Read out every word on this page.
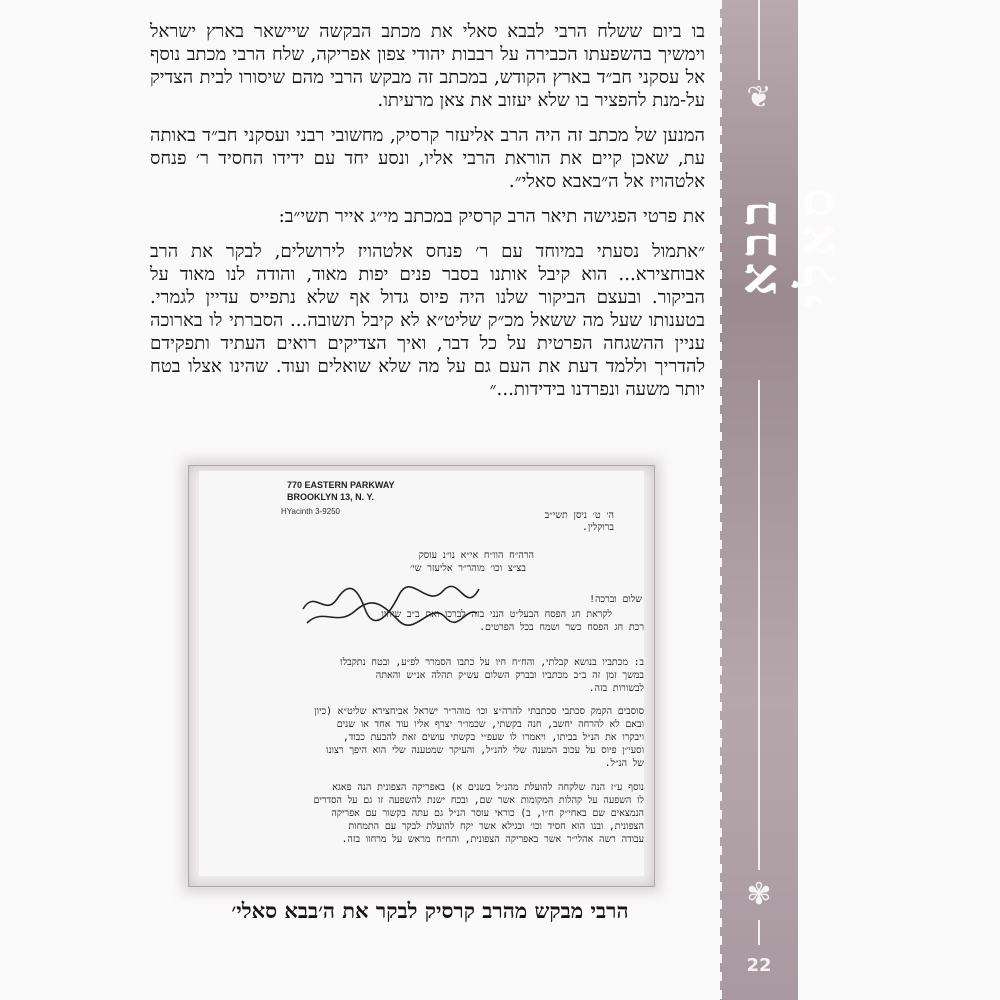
בו ביום ששלח הרבי לבבא סאלי את מכתב הבקשה שיישאר בארץ ישראל וימשיך בהשפעתו הכבירה על רבבות יהודי צפון אפריקה, שלח הרבי מכתב נוסף אל עסקני חב״ד בארץ הקודש, במכתב זה מבקש הרבי מהם שיסורו לבית הצדיק על-מנת להפציר בו שלא יעזוב את צאן מרעיתו.

המנען של מכתב זה היה הרב אליעזר קרסיק, מחשובי רבני ועסקני חב״ד באותה עת, שאכן קיים את הוראת הרבי אליו, ונסע יחד עם ידידו החסיד ר׳ פנחס אלטהויז אל ה״באבא סאלי״.

את פרטי הפגישה תיאר הרב קרסיק במכתב מי״ג אייר תשי״ב:

״אתמול נסעתי במיוחד עם ר׳ פנחס אלטהויז לירושלים, לבקר את הרב אבוחצירא... הוא קיבל אותנו בסבר פנים יפות מאוד, והודה לנו מאוד על הביקור. ובעצם הביקור שלנו היה פיוס גדול אף שלא נתפייס עדיין לגמרי. בטענותו שעל מה ששאל מכ״ק שליט״א לא קיבל תשובה... הסברתי לו בארוכה עניין ההשגחה הפרטית על כל דבר, ואיך הצדיקים רואים העתיד ותפקידם להדריך וללמד דעת את העם גם על מה שלא שואלים ועוד. שהינו אצלו בטח יותר משעה ונפרדנו בידידות...״

770 EASTERN PARKWAY
BROOKLYN 13, N. Y.
HYacinth 3-9250	ה׳ ט׳ ניסן תשי״ב
ברוקלין.
הרה״ח הוו״ח אי״א נו״נ עוסק
בצ״צ וכו׳ מוהר״ר אליעזר שי׳
שלום וברכה!
לקראת חג הפסח הבעל״ט הנני בזה לברכו ואת ב״ב שיחיו
רכת חג הפסח כשר ושמח בכל הפרטים.
ב: מכתביו בנושא קבלתי, והח״ח חיו על כתבו הסמרר לפ״ע, ובטח נתקבלו
במשך זמן זה ב״ב מכתביו ובברק השלום עש״ק תהלה אנ״ש והאתה
לבשורות בזה.
סוסבים הקמק סכתבי סכתבתי להרה״צ וכו׳ מוהר״ר ישראל אביחצירא שליט״א (כיון
ובאם לא להרחה יחשב, חנה בקשתי, שכמו״ר יצרף אליו עוד אחד או שנים
ויבקרו את הנ״ל בביתו, ויאמרו לו שעפ״י בקשתי עושים זאת להבעת כבוד,
וסעי״ן פיוס על עכוב המענה שלי להנ״ל, והעיקר שמטענה שלי הוא היפך רצונו
של הנ״ל.
נוסף ע״ז הנה שלקחה להועלת מהנ״ל בשנים א) באפריקה הצפונית הנה פאגא
לו השפעה על קהלות המקומות אשר שם, ובכח ישנת להשפעה זו גם על הסדרים
הנמצאים שם באחי״ק ח״ו, ב) כוראי עוסר הנ״ל גם עתה בקשור עם אפריקה
הצפונית, ובנו הוא חסיד וכו׳ ובגילא אשר יקח להועלת לבקר עם התמחות
עבודה רשה אהלי״ר אשר באפריקה הצפונית, והח״ח מראש על מרחוו בזה.
הרבי מבקש מהרב קרסיק לבקר את ה׳בבא סאלי׳
❦
בבא סאלי
✾
22
